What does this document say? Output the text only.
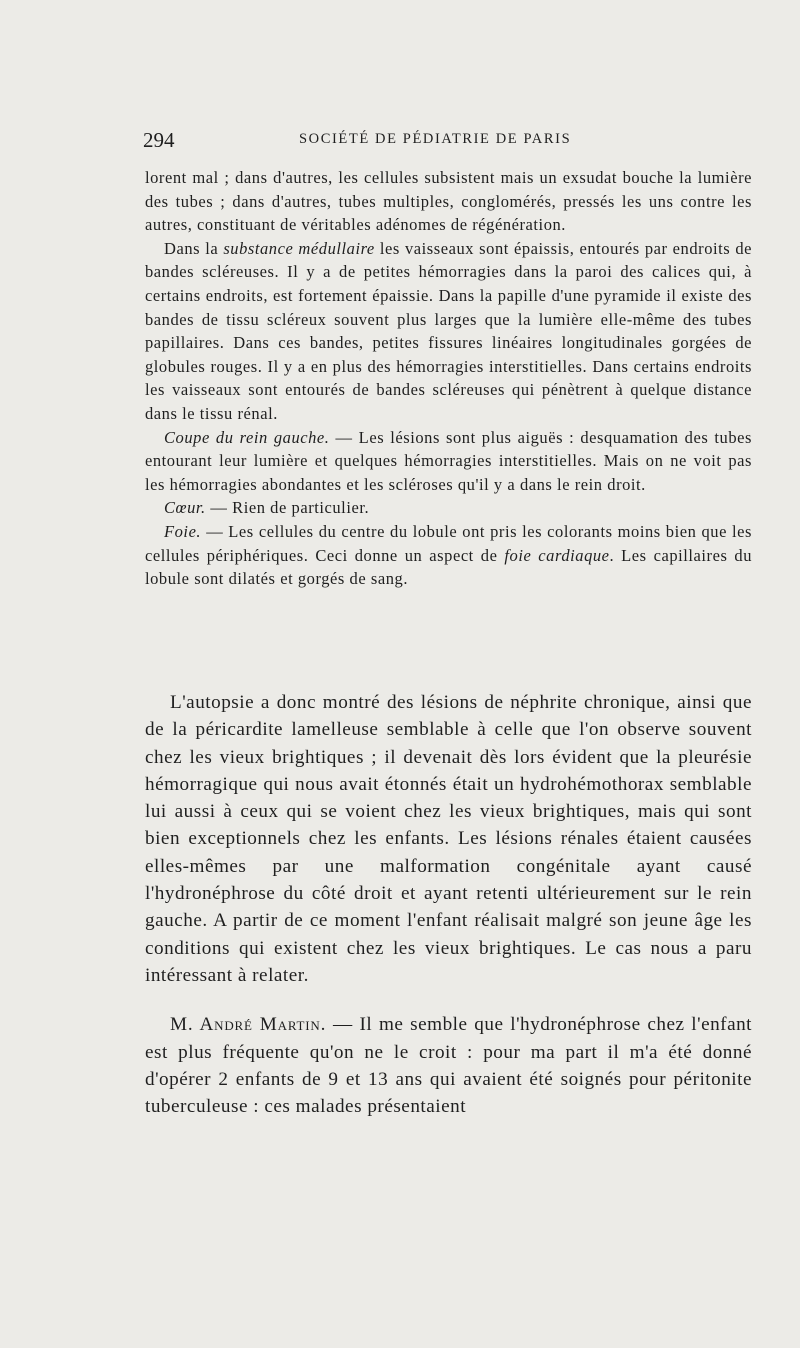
294	SOCIÉTÉ DE PÉDIATRIE DE PARIS

lorent mal ; dans d'autres, les cellules subsistent mais un exsudat bouche la lumière des tubes ; dans d'autres, tubes multiples, conglomérés, pressés les uns contre les autres, constituant de véritables adénomes de régénération.

Dans la substance médullaire les vaisseaux sont épaissis, entourés par endroits de bandes scléreuses. Il y a de petites hémorragies dans la paroi des calices qui, à certains endroits, est fortement épaissie. Dans la papille d'une pyramide il existe des bandes de tissu scléreux souvent plus larges que la lumière elle-même des tubes papillaires. Dans ces bandes, petites fissures linéaires longitudinales gorgées de globules rouges. Il y a en plus des hémorragies interstitielles. Dans certains endroits les vaisseaux sont entourés de bandes scléreuses qui pénètrent à quelque distance dans le tissu rénal.

Coupe du rein gauche. — Les lésions sont plus aiguës : desquamation des tubes entourant leur lumière et quelques hémorragies interstitielles. Mais on ne voit pas les hémorragies abondantes et les scléroses qu'il y a dans le rein droit.

Cœur. — Rien de particulier.

Foie. — Les cellules du centre du lobule ont pris les colorants moins bien que les cellules périphériques. Ceci donne un aspect de foie cardiaque. Les capillaires du lobule sont dilatés et gorgés de sang.

L'autopsie a donc montré des lésions de néphrite chronique, ainsi que de la péricardite lamelleuse semblable à celle que l'on observe souvent chez les vieux brightiques ; il devenait dès lors évident que la pleurésie hémorragique qui nous avait étonnés était un hydrohémothorax semblable lui aussi à ceux qui se voient chez les vieux brightiques, mais qui sont bien exceptionnels chez les enfants. Les lésions rénales étaient causées elles-mêmes par une malformation congénitale ayant causé l'hydronéphrose du côté droit et ayant retenti ultérieurement sur le rein gauche. A partir de ce moment l'enfant réalisait malgré son jeune âge les conditions qui existent chez les vieux brightiques. Le cas nous a paru intéressant à relater.

M. André Martin. — Il me semble que l'hydronéphrose chez l'enfant est plus fréquente qu'on ne le croit : pour ma part il m'a été donné d'opérer 2 enfants de 9 et 13 ans qui avaient été soignés pour péritonite tuberculeuse : ces malades présentaient
